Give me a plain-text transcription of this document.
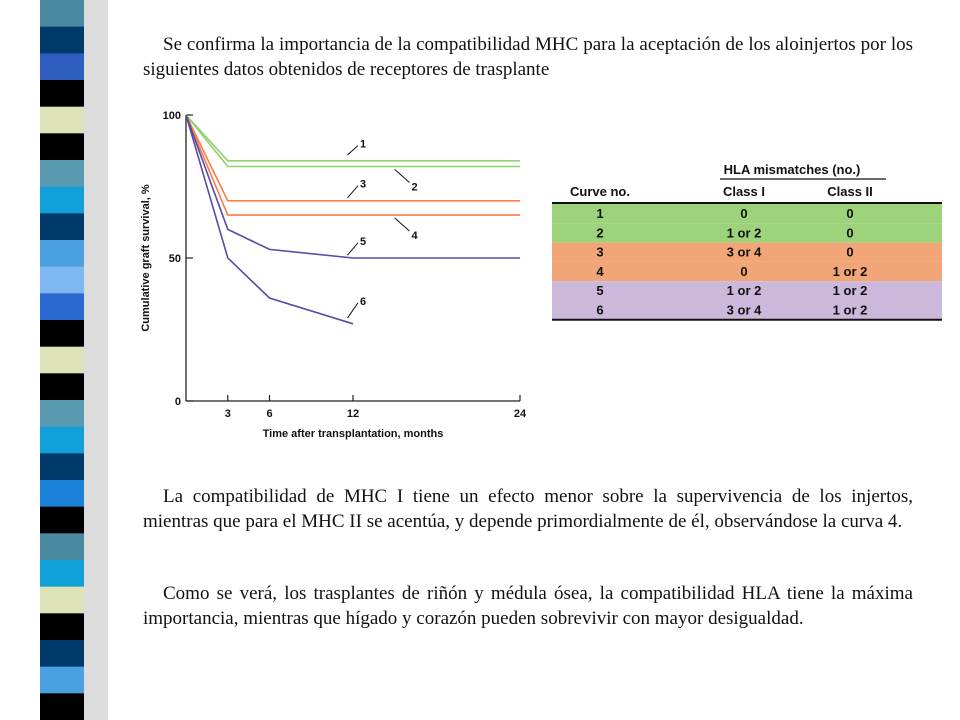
Se confirma la importancia de la compatibilidad MHC para la aceptación de los aloinjertos por los siguientes datos obtenidos de receptores de trasplante

0
50
100
3	6	12	24
Time after transplantation, months
Cumulative graft survival, %
1
2
3
4
5
6
HLA mismatches (no.)
Curve no.	Class I	Class II
1	0	0
2	1 or 2	0
3	3 or 4	0
4	0	1 or 2
5	1 or 2	1 or 2
6	3 or 4	1 or 2

La compatibilidad de MHC I tiene un efecto menor sobre la supervivencia de los injertos, mientras que para el MHC II se acentúa, y depende primordialmente de él, observándose la curva 4.

Como se verá, los trasplantes de riñón y médula ósea, la compatibilidad HLA tiene la máxima importancia, mientras que hígado y corazón pueden sobrevivir con mayor desigualdad.
